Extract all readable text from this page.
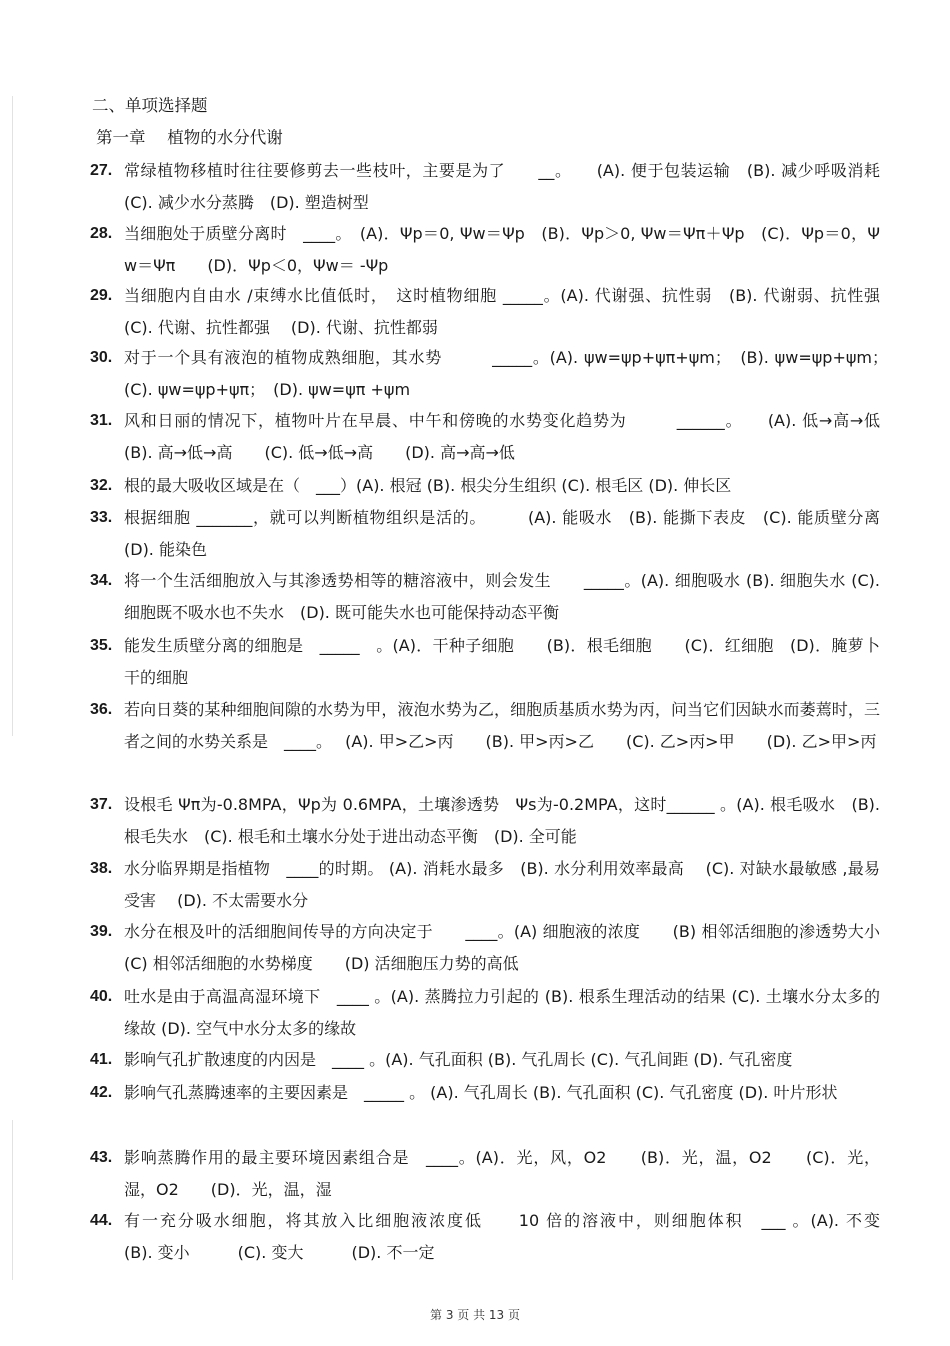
二、单项选择题
第一章　 植物的水分代谢
27. 常绿植物移植时往往要修剪去一些枝叶，主要是为了　　__。　　(A). 便于包装运输　(B). 减少呼吸消耗　(C). 减少水分蒸腾　(D). 塑造树型
28. 当细胞处于质壁分离时　____。　(A)．Ψp＝0, Ψw＝Ψp　(B)．Ψp＞0, Ψw＝Ψπ＋Ψp　(C)．Ψp＝0，Ψw＝Ψπ　　(D)．Ψp＜0，Ψw＝ -Ψp
29. 当细胞内自由水 /束缚水比值低时，　这时植物细胞 _____。(A). 代谢强、抗性弱　(B). 代谢弱、抗性强　(C). 代谢、抗性都强　 (D). 代谢、抗性都弱
30. 对于一个具有液泡的植物成熟细胞，其水势　　　_____。(A). ψw=ψp+ψπ+ψm；　(B). ψw=ψp+ψm；　(C). ψw=ψp+ψπ；　(D). ψw=ψπ +ψm
31. 风和日丽的情况下，植物叶片在早晨、中午和傍晚的水势变化趋势为　　　______。　　(A). 低→高→低　　(B). 高→低→高　　(C). 低→低→高　　(D). 高→高→低
32. 根的最大吸收区域是在（　___）(A). 根冠 (B). 根尖分生组织 (C). 根毛区 (D). 伸长区
33. 根据细胞 _______，就可以判断植物组织是活的。　　　(A). 能吸水　(B). 能撕下表皮　(C). 能质壁分离　(D). 能染色
34. 将一个生活细胞放入与其渗透势相等的糖溶液中，则会发生　　_____。(A). 细胞吸水 (B). 细胞失水 (C). 细胞既不吸水也不失水　(D). 既可能失水也可能保持动态平衡
35. 能发生质壁分离的细胞是　_____　。(A)．干种子细胞　　(B)．根毛细胞　　(C)．红细胞　(D)．腌萝卜干的细胞
36. 若向日葵的某种细胞间隙的水势为甲，液泡水势为乙，细胞质基质水势为丙，问当它们因缺水而萎蔫时，三者之间的水势关系是　____。　 (A). 甲>乙>丙　　(B). 甲>丙>乙　　(C). 乙>丙>甲　　(D). 乙>甲>丙
37. 设根毛 Ψπ为-0.8MPA，Ψp为 0.6MPA，土壤渗透势　Ψs为-0.2MPA，这时______ 。(A). 根毛吸水　(B). 根毛失水　(C). 根毛和土壤水分处于进出动态平衡　(D). 全可能
38. 水分临界期是指植物　____的时期。 (A). 消耗水最多　(B). 水分利用效率最高　 (C). 对缺水最敏感 ,最易受害　 (D). 不太需要水分
39. 水分在根及叶的活细胞间传导的方向决定于　　____。(A) 细胞液的浓度　　(B) 相邻活细胞的渗透势大小　(C) 相邻活细胞的水势梯度　　(D) 活细胞压力势的高低
40. 吐水是由于高温高湿环境下　____ 。(A). 蒸腾拉力引起的 (B). 根系生理活动的结果 (C). 土壤水分太多的缘故 (D). 空气中水分太多的缘故
41. 影响气孔扩散速度的内因是　____ 。(A). 气孔面积 (B). 气孔周长 (C). 气孔间距 (D). 气孔密度
42. 影响气孔蒸腾速率的主要因素是　_____ 。 (A). 气孔周长 (B). 气孔面积 (C). 气孔密度 (D). 叶片形状
43. 影响蒸腾作用的最主要环境因素组合是　____。(A)．光，风，O2　　(B)．光，温，O2　　(C)．光，湿，O2　　(D)．光，温，湿
44. 有一充分吸水细胞，将其放入比细胞液浓度低　　10 倍的溶液中，则细胞体积　___ 。(A). 不变　　　(B). 变小　　　(C). 变大　　　(D). 不一定
第 3 页 共 13 页
